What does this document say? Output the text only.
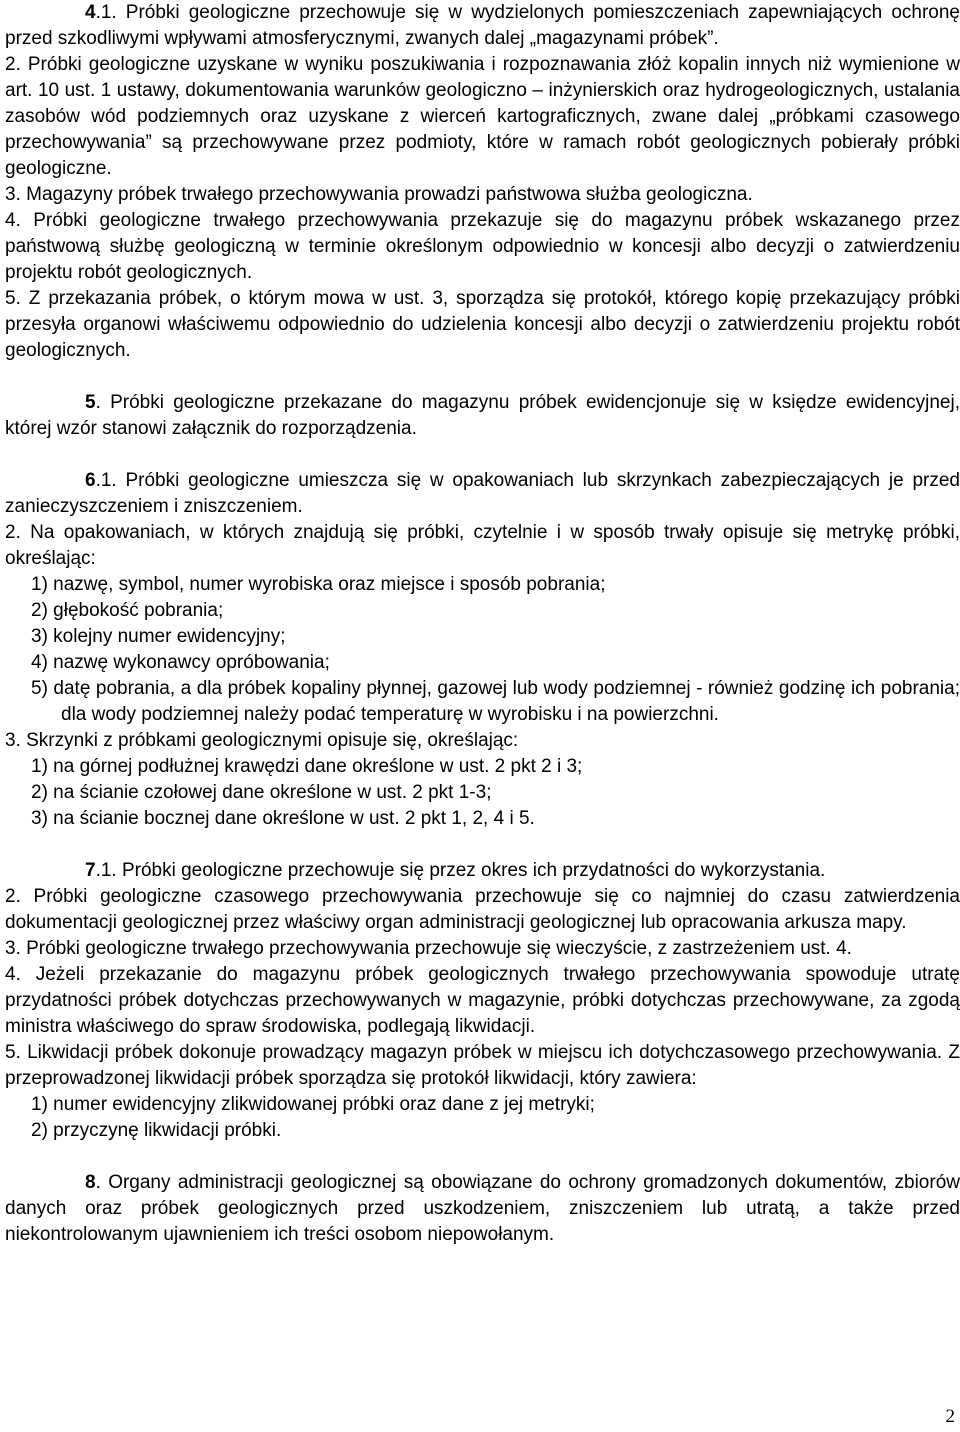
4.1. Próbki geologiczne przechowuje się w wydzielonych pomieszczeniach zapewniających ochronę przed szkodliwymi wpływami atmosferycznymi, zwanych dalej „magazynami próbek”.

2. Próbki geologiczne uzyskane w wyniku poszukiwania i rozpoznawania złóż kopalin innych niż wymienione w art. 10 ust. 1 ustawy, dokumentowania warunków geologiczno – inżynierskich oraz hydrogeologicznych, ustalania zasobów wód podziemnych oraz uzyskane z wierceń kartograficznych, zwane dalej „próbkami czasowego przechowywania” są przechowywane przez podmioty, które w ramach robót geologicznych pobierały próbki geologiczne.

3. Magazyny próbek trwałego przechowywania prowadzi państwowa służba geologiczna.

4. Próbki geologiczne trwałego przechowywania przekazuje się do magazynu próbek wskazanego przez państwową służbę geologiczną w terminie określonym odpowiednio w koncesji albo decyzji o zatwierdzeniu projektu robót geologicznych.

5. Z przekazania próbek, o którym mowa w ust. 3, sporządza się protokół, którego kopię przekazujący próbki przesyła organowi właściwemu odpowiednio do udzielenia koncesji albo decyzji o zatwierdzeniu projektu robót geologicznych.

5. Próbki geologiczne przekazane do magazynu próbek ewidencjonuje się w księdze ewidencyjnej, której wzór stanowi załącznik do rozporządzenia.

6.1. Próbki geologiczne umieszcza się w opakowaniach lub skrzynkach zabezpieczających je przed zanieczyszczeniem i zniszczeniem.

2. Na opakowaniach, w których znajdują się próbki, czytelnie i w sposób trwały opisuje się metrykę próbki, określając:

1) nazwę, symbol, numer wyrobiska oraz miejsce i sposób pobrania;

2) głębokość pobrania;

3) kolejny numer ewidencyjny;

4) nazwę wykonawcy opróbowania;

5) datę pobrania, a dla próbek kopaliny płynnej, gazowej lub wody podziemnej - również godzinę ich pobrania; dla wody podziemnej należy podać temperaturę w wyrobisku i na powierzchni.

3. Skrzynki z próbkami geologicznymi opisuje się, określając:

1) na górnej podłużnej krawędzi dane określone w ust. 2 pkt 2 i 3;

2) na ścianie czołowej dane określone w ust. 2 pkt 1-3;

3) na ścianie bocznej dane określone w ust. 2 pkt 1, 2, 4 i 5.

7.1. Próbki geologiczne przechowuje się przez okres ich przydatności do wykorzystania.

2. Próbki geologiczne czasowego przechowywania przechowuje się co najmniej do czasu zatwierdzenia dokumentacji geologicznej przez właściwy organ administracji geologicznej lub opracowania arkusza mapy.

3. Próbki geologiczne trwałego przechowywania przechowuje się wieczyście, z zastrzeżeniem ust. 4.

4. Jeżeli przekazanie do magazynu próbek geologicznych trwałego przechowywania spowoduje utratę przydatności próbek dotychczas przechowywanych w magazynie, próbki dotychczas przechowywane, za zgodą ministra właściwego do spraw środowiska, podlegają likwidacji.

5. Likwidacji próbek dokonuje prowadzący magazyn próbek w miejscu ich dotychczasowego przechowywania. Z przeprowadzonej likwidacji próbek sporządza się protokół likwidacji, który zawiera:

1) numer ewidencyjny zlikwidowanej próbki oraz dane z jej metryki;

2) przyczynę likwidacji próbki.

8. Organy administracji geologicznej są obowiązane do ochrony gromadzonych dokumentów, zbiorów danych oraz próbek geologicznych przed uszkodzeniem, zniszczeniem lub utratą, a także przed niekontrolowanym ujawnieniem ich treści osobom niepowołanym.

2
